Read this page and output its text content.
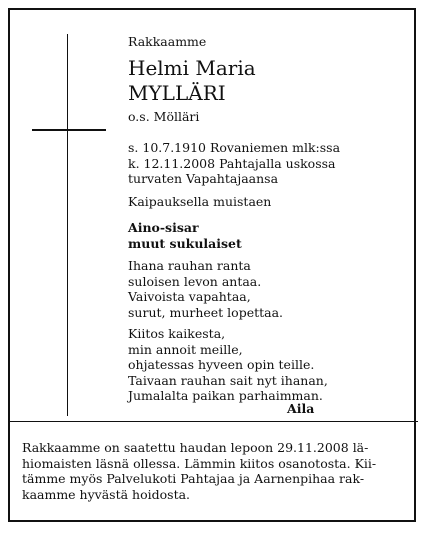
Rakkaamme
Helmi Maria
MYLLÄRI
o.s. Mölläri
s. 10.7.1910 Rovaniemen mlk:ssa
k. 12.11.2008 Pahtajalla uskossa
turvaten Vapahtajaansa
Kaipauksella muistaen
Aino-sisar
muut sukulaiset
Ihana rauhan ranta
suloisen levon antaa.
Vaivoista vapahtaa,
surut, murheet lopettaa.
Kiitos kaikesta,
min annoit meille,
ohjatessas hyveen opin teille.
Taivaan rauhan sait nyt ihanan,
Jumalalta paikan parhaimman.
Aila
Rakkaamme on saatettu haudan lepoon 29.11.2008 lä-
hiomaisten läsnä ollessa. Lämmin kiitos osanotosta. Kii-
tämme myös Palvelukoti Pahtajaa ja Aarnenpihaa rak-
kaamme hyvästä hoidosta.
